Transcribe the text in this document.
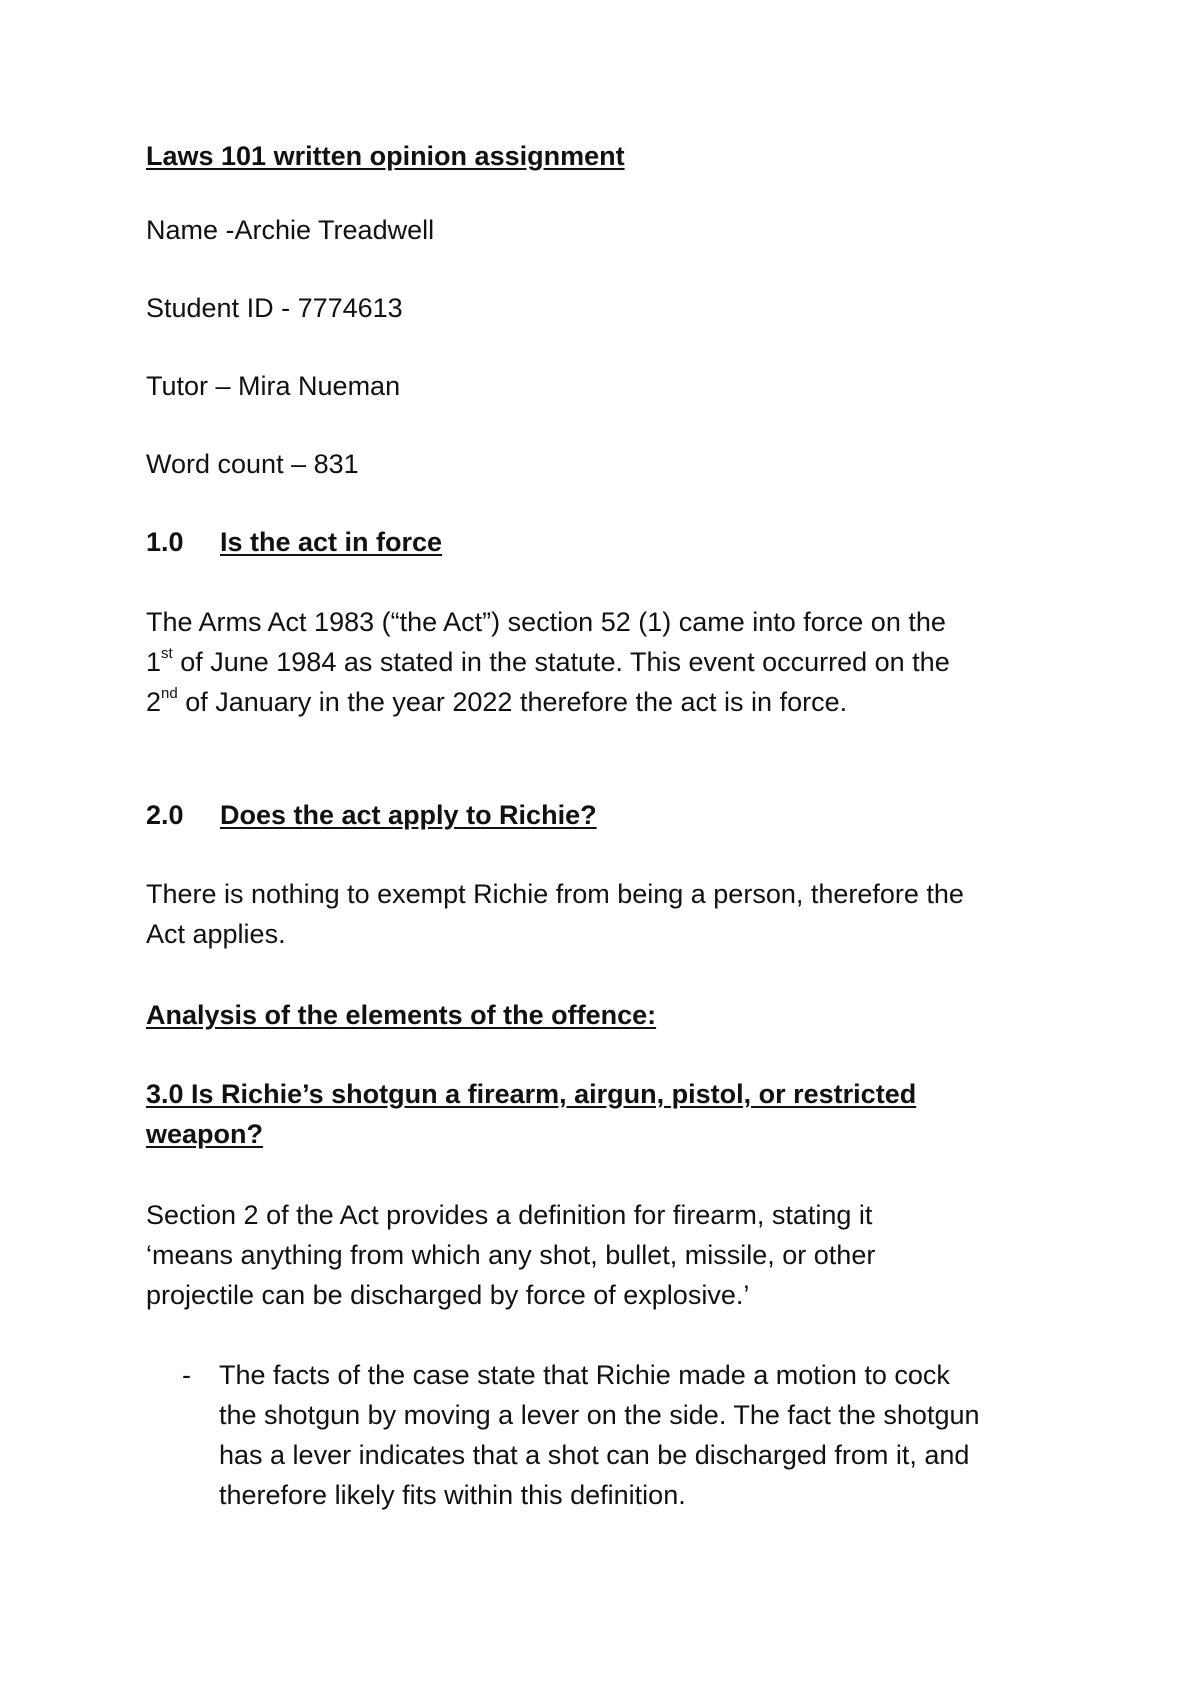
Laws 101 written opinion assignment

Name -Archie Treadwell

Student ID - 7774613

Tutor – Mira Nueman

Word count – 831

1.0 Is the act in force

The Arms Act 1983 (“the Act”) section 52 (1) came into force on the
1st of June 1984 as stated in the statute. This event occurred on the
2nd of January in the year 2022 therefore the act is in force.

2.0 Does the act apply to Richie?

There is nothing to exempt Richie from being a person, therefore the
Act applies.

Analysis of the elements of the offence:

3.0 Is Richie’s shotgun a firearm, airgun, pistol, or restricted
weapon?
Section 2 of the Act provides a definition for firearm, stating it
‘means anything from which any shot, bullet, missile, or other
projectile can be discharged by force of explosive.’
- The facts of the case state that Richie made a motion to cock
the shotgun by moving a lever on the side. The fact the shotgun
has a lever indicates that a shot can be discharged from it, and
therefore likely fits within this definition.
